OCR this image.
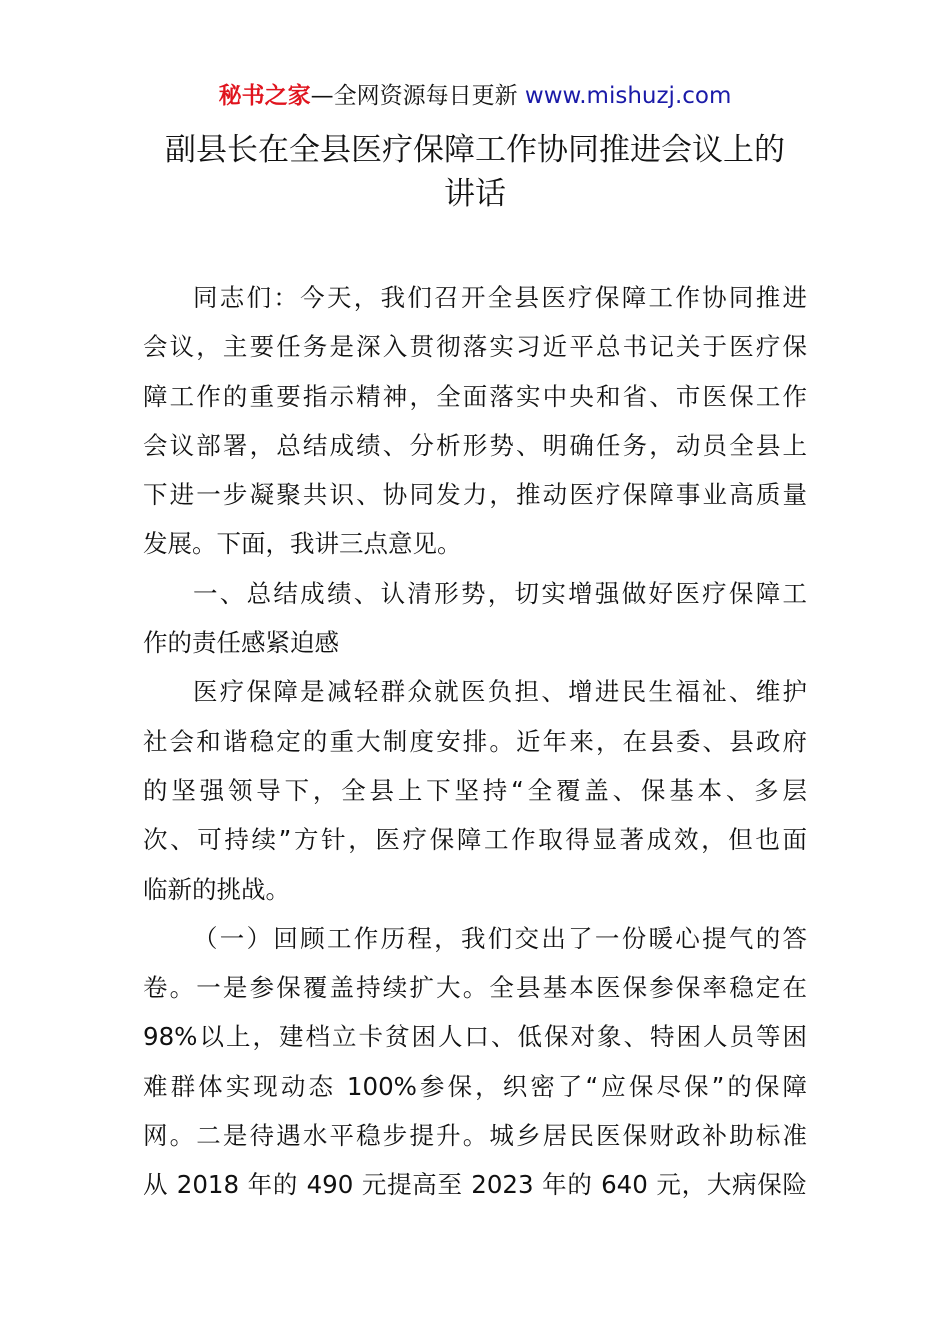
秘书之家—全网资源每日更新 www.mishuzj.com
副县长在全县医疗保障工作协同推进会议上的
讲话
同志们：今天，我们召开全县医疗保障工作协同推进
会议，主要任务是深入贯彻落实习近平总书记关于医疗保
障工作的重要指示精神，全面落实中央和省、市医保工作
会议部署，总结成绩、分析形势、明确任务，动员全县上
下进一步凝聚共识、协同发力，推动医疗保障事业高质量
发展。下面，我讲三点意见。
一、总结成绩、认清形势，切实增强做好医疗保障工
作的责任感紧迫感
医疗保障是减轻群众就医负担、增进民生福祉、维护
社会和谐稳定的重大制度安排。近年来，在县委、县政府
的坚强领导下，全县上下坚持“全覆盖、保基本、多层
次、可持续”方针，医疗保障工作取得显著成效，但也面
临新的挑战。
（一）回顾工作历程，我们交出了一份暖心提气的答
卷。一是参保覆盖持续扩大。全县基本医保参保率稳定在
98%以上，建档立卡贫困人口、低保对象、特困人员等困
难群体实现动态 100%参保，织密了“应保尽保”的保障
网。二是待遇水平稳步提升。城乡居民医保财政补助标准
从 2018 年的 490 元提高至 2023 年的 640 元，大病保险
